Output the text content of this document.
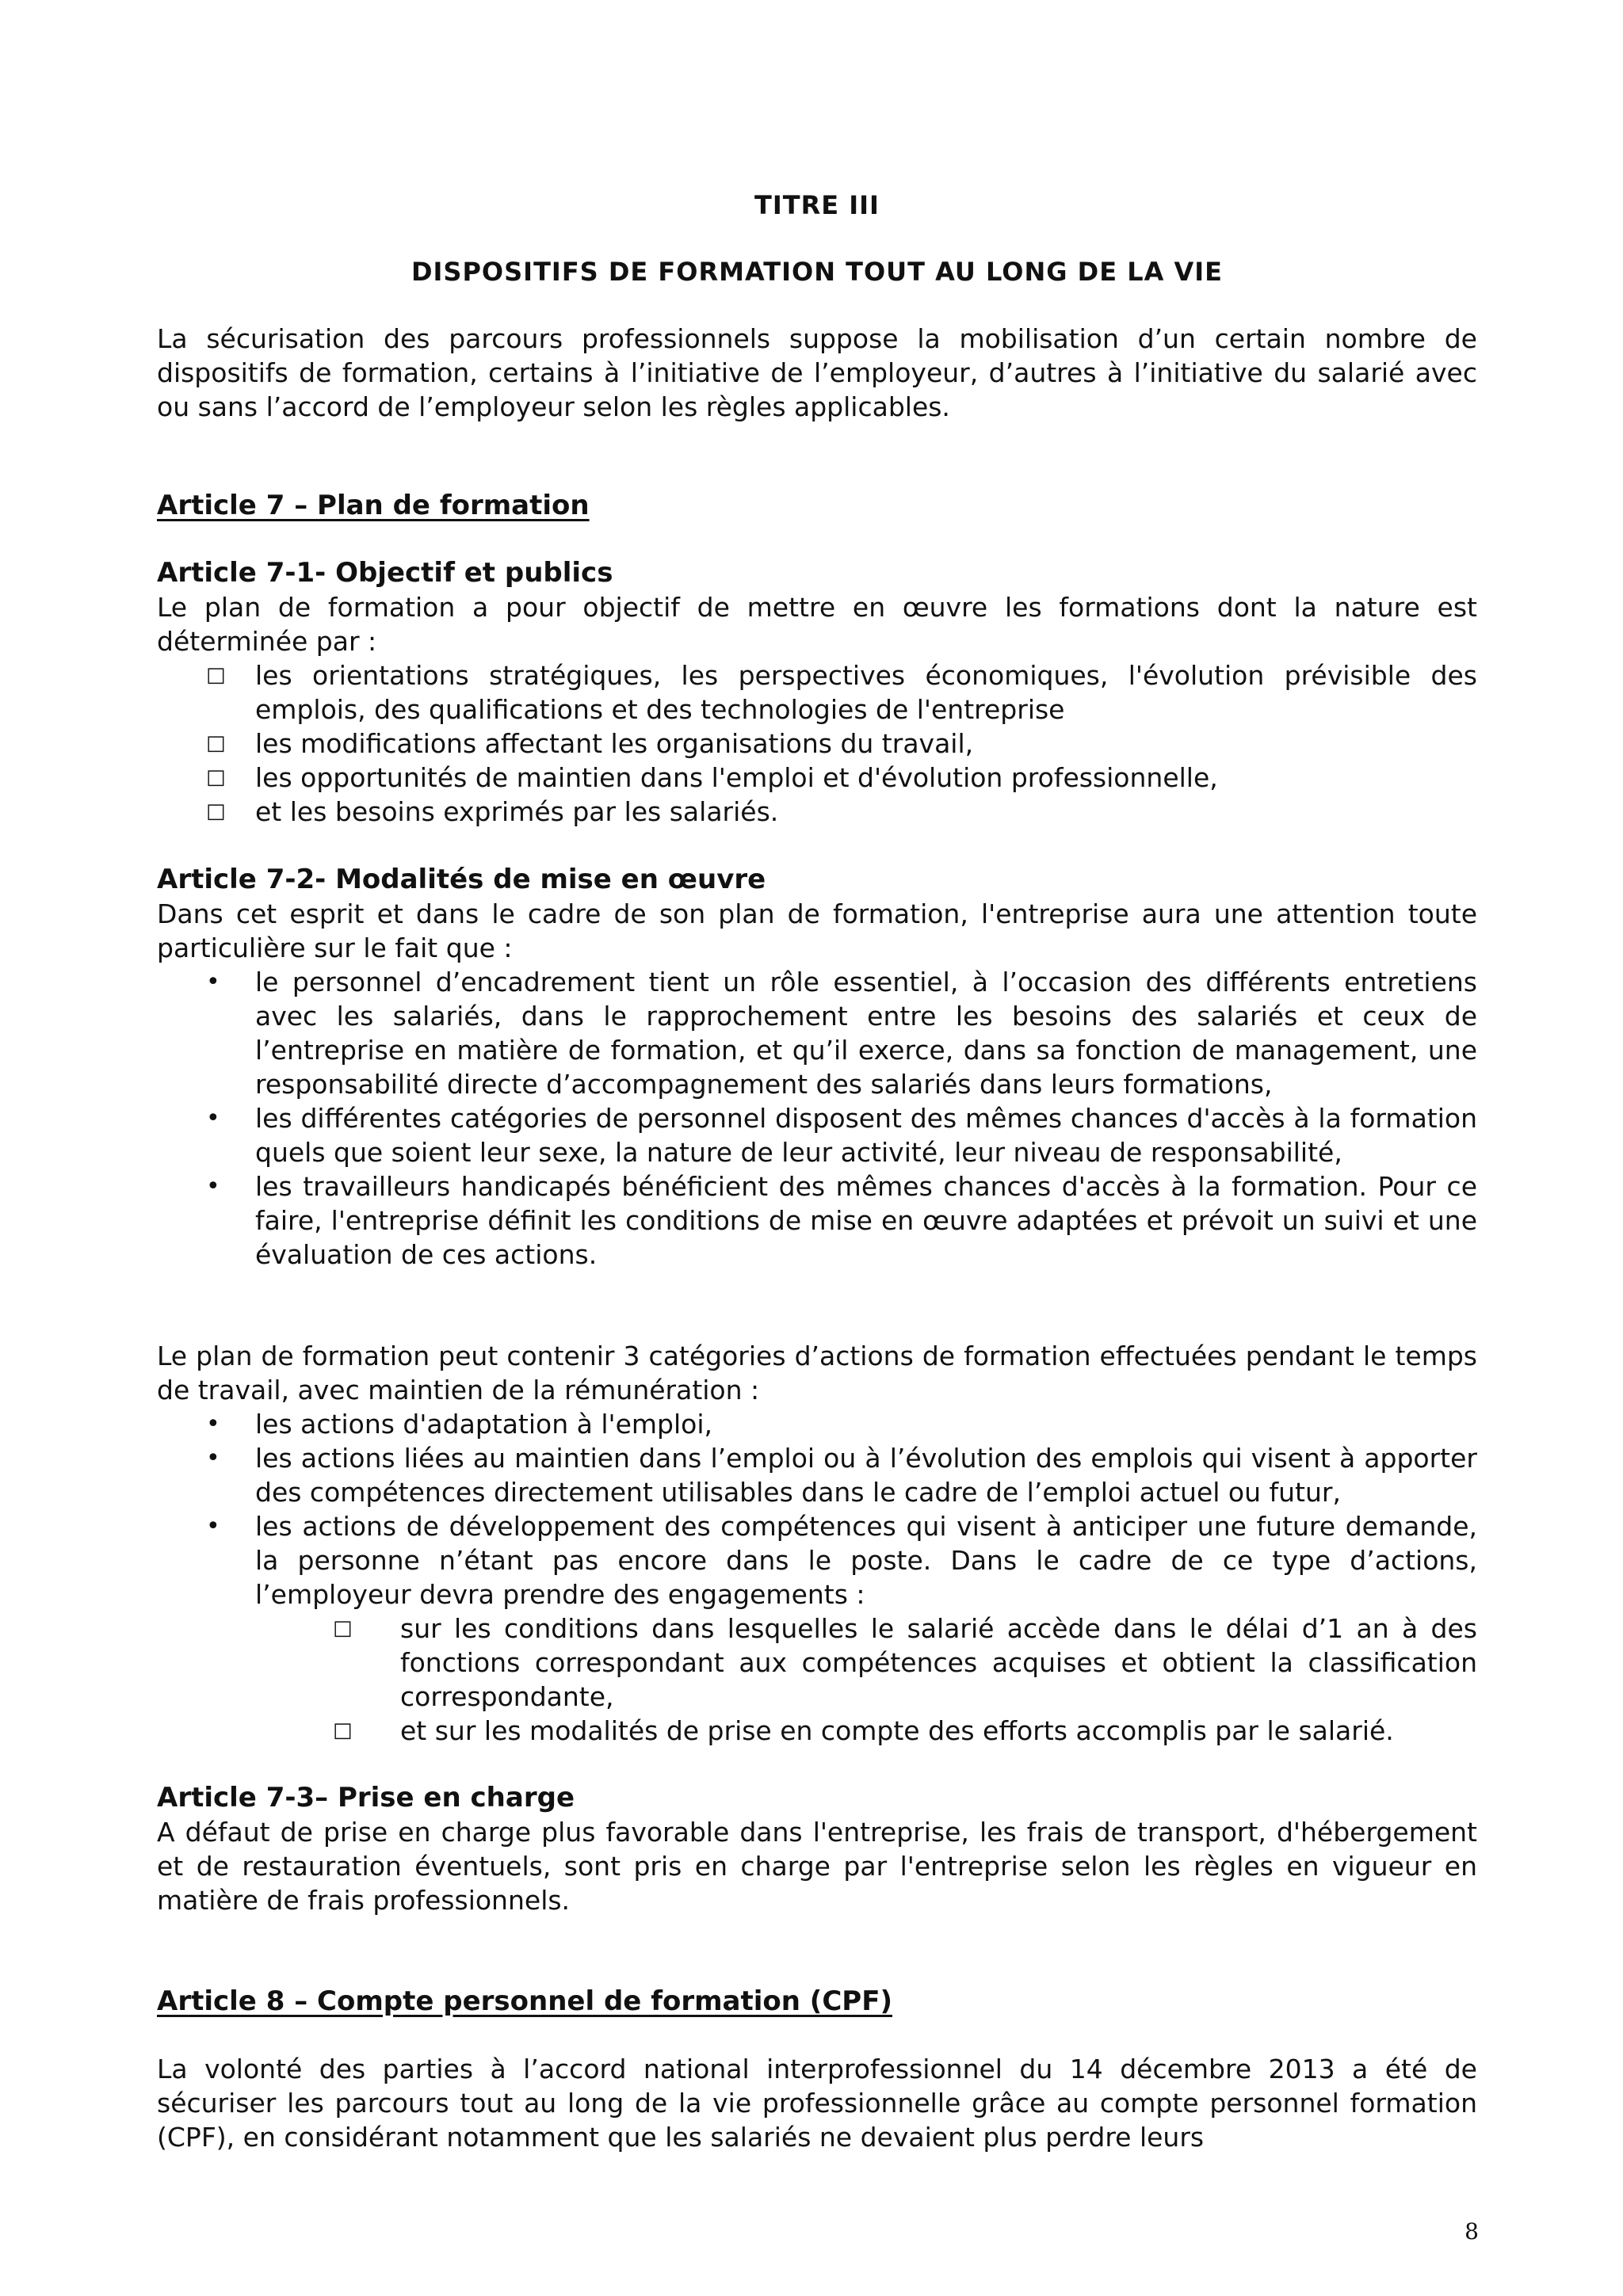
TITRE III
DISPOSITIFS DE FORMATION TOUT AU LONG DE LA VIE

La sécurisation des parcours professionnels suppose la mobilisation d’un certain nombre de dispositifs de formation, certains à l’initiative de l’employeur, d’autres à l’initiative du salarié avec ou sans l’accord de l’employeur selon les règles applicables.

Article 7 – Plan de formation
Article 7-1- Objectif et publics

Le plan de formation a pour objectif de mettre en œuvre les formations dont la nature est déterminée par :

□ les orientations stratégiques, les perspectives économiques, l'évolution prévisible des emplois, des qualifications et des technologies de l'entreprise
□ les modifications affectant les organisations du travail,
□ les opportunités de maintien dans l'emploi et d'évolution professionnelle,
□ et les besoins exprimés par les salariés.
Article 7-2- Modalités de mise en œuvre

Dans cet esprit et dans le cadre de son plan de formation, l'entreprise aura une attention toute particulière sur le fait que :

• le personnel d’encadrement tient un rôle essentiel, à l’occasion des différents entretiens avec les salariés, dans le rapprochement entre les besoins des salariés et ceux de l’entreprise en matière de formation, et qu’il exerce, dans sa fonction de management, une responsabilité directe d’accompagnement des salariés dans leurs formations,
• les différentes catégories de personnel disposent des mêmes chances d'accès à la formation quels que soient leur sexe, la nature de leur activité, leur niveau de responsabilité,
• les travailleurs handicapés bénéficient des mêmes chances d'accès à la formation. Pour ce faire, l'entreprise définit les conditions de mise en œuvre adaptées et prévoit un suivi et une évaluation de ces actions.

Le plan de formation peut contenir 3 catégories d’actions de formation effectuées pendant le temps de travail, avec maintien de la rémunération :

• les actions d'adaptation à l'emploi,
• les actions liées au maintien dans l’emploi ou à l’évolution des emplois qui visent à apporter des compétences directement utilisables dans le cadre de l’emploi actuel ou futur,
• les actions de développement des compétences qui visent à anticiper une future demande, la personne n’étant pas encore dans le poste. Dans le cadre de ce type d’actions, l’employeur devra prendre des engagements :
□ sur les conditions dans lesquelles le salarié accède dans le délai d’1 an à des fonctions correspondant aux compétences acquises et obtient la classification correspondante,
□ et sur les modalités de prise en compte des efforts accomplis par le salarié.
Article 7-3– Prise en charge

A défaut de prise en charge plus favorable dans l'entreprise, les frais de transport, d'hébergement et de restauration éventuels, sont pris en charge par l'entreprise selon les règles en vigueur en matière de frais professionnels.

Article 8 – Compte personnel de formation (CPF)

La volonté des parties à l’accord national interprofessionnel du 14 décembre 2013 a été de sécuriser les parcours tout au long de la vie professionnelle grâce au compte personnel formation (CPF), en considérant notamment que les salariés ne devaient plus perdre leurs

8
